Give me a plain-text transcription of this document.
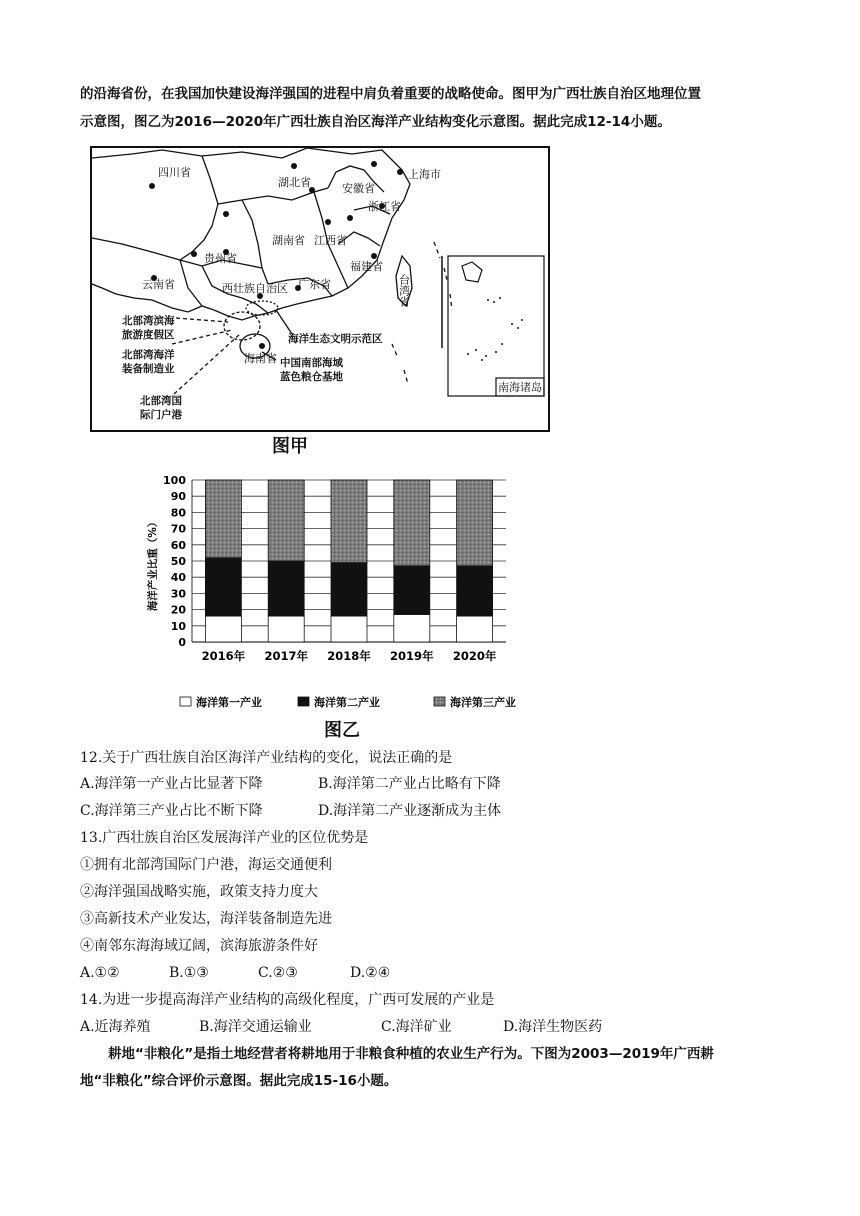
的沿海省份，在我国加快建设海洋强国的进程中肩负着重要的战略使命。图甲为广西壮族自治区地理位置
示意图，图乙为2016—2020年广西壮族自治区海洋产业结构变化示意图。据此完成12-14小题。
四川省
湖北省	安徽省
上海市
浙江省
湖南省 江西省
贵州省
福建省
云南省	西壮族自治区 广东省	台湾省
海南省
南海诸岛
北部湾滨海
旅游度假区
北部湾海洋
装备制造业
北部湾国
际门户港
海洋生态文明示范区
中国南部海域
蓝色粮仓基地
图甲
0
10
20
30
40
50
60
70
80
90
100
2016年 2017年 2018年 2019年 2020年
海洋产业比重（%）
海洋第一产业	海洋第二产业	海洋第三产业
图乙
12.关于广西壮族自治区海洋产业结构的变化，说法正确的是
A.海洋第一产业占比显著下降	B.海洋第二产业占比略有下降
C.海洋第三产业占比不断下降	D.海洋第二产业逐渐成为主体
13.广西壮族自治区发展海洋产业的区位优势是
①拥有北部湾国际门户港，海运交通便利
②海洋强国战略实施，政策支持力度大
③高新技术产业发达，海洋装备制造先进
④南邻东海海域辽阔，滨海旅游条件好
A.①②	B.①③	C.②③	D.②④
14.为进一步提高海洋产业结构的高级化程度，广西可发展的产业是
A.近海养殖	B.海洋交通运输业	C.海洋矿业	D.海洋生物医药
耕地“非粮化”是指土地经营者将耕地用于非粮食种植的农业生产行为。下图为2003—2019年广西耕
地“非粮化”综合评价示意图。据此完成15-16小题。
